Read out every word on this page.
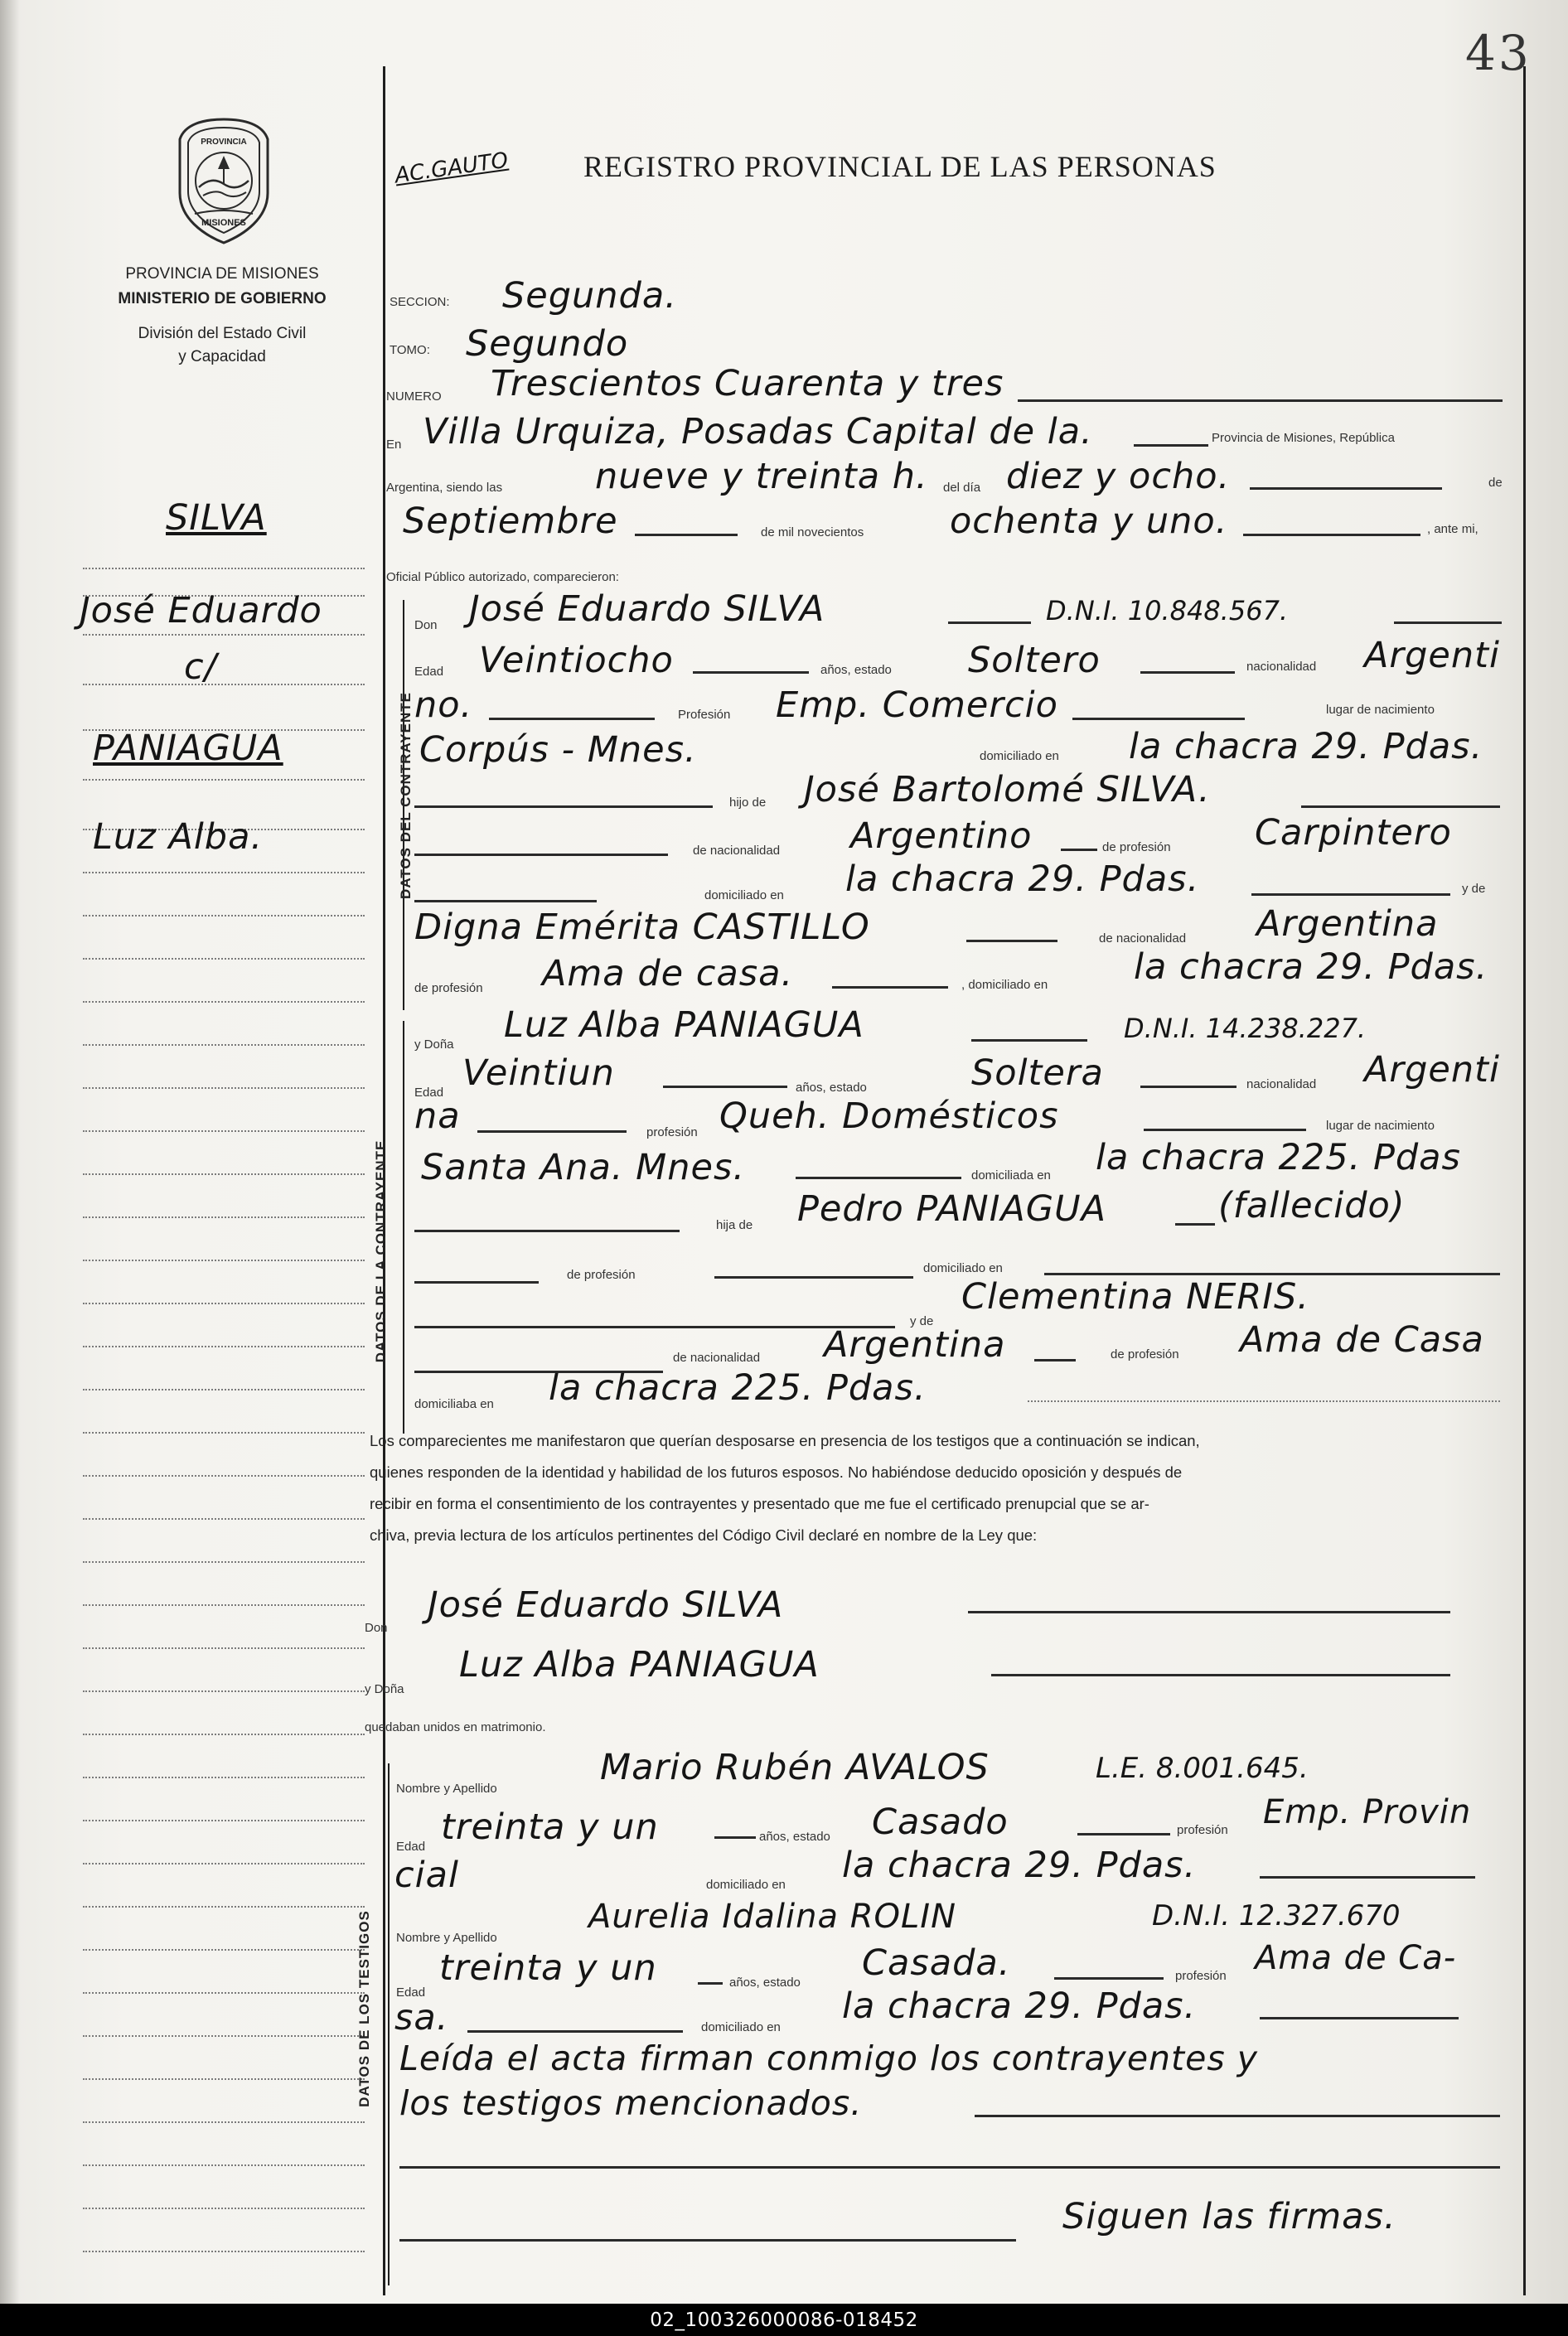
43
PROVINCIA
MISIONES
PROVINCIA DE MISIONES
MINISTERIO DE GOBIERNO
División del Estado Civil
y Capacidad
SILVA
José Eduardo
c/
PANIAGUA
Luz Alba.
AC.GAUTO REGISTRO PROVINCIAL DE LAS PERSONAS
SECCION: Segunda.
TOMO: Segundo
NUMERO Trescientos Cuarenta y tres
En Villa Urquiza, Posadas Capital de la.	Provincia de Misiones, República
Argentina, siendo las	nueve y treinta h. del día diez y ocho.	de
Septiembre	de mil novecientos ochenta y uno.	, ante mi,
Oficial Público autorizado, comparecieron:
DATOS DEL CONTRAYENTE
Don José Eduardo SILVA	D.N.I. 10.848.567.
Edad Veintiocho	años, estado Soltero	nacionalidad Argenti
no.	Profesión Emp. Comercio	lugar de nacimiento
Corpús - Mnes.	domiciliado en la chacra 29. Pdas.
hijo de José Bartolomé SILVA.
de nacionalidad Argentino	de profesión Carpintero
domiciliado en la chacra 29. Pdas.	y de
Digna Emérita CASTILLO	de nacionalidad Argentina
de profesión Ama de casa.	, domiciliado en la chacra 29. Pdas.
DATOS DE LA CONTRAYENTE
y Doña Luz Alba PANIAGUA	D.N.I. 14.238.227.
Edad Veintiun	años, estado	Soltera	nacionalidad Argenti
na	profesión Queh. Domésticos	lugar de nacimiento
Santa Ana. Mnes.	domiciliada en la chacra 225. Pdas
hija de Pedro PANIAGUA	(fallecido)
de profesión	domiciliado en
y de
Clementina NERIS.
de nacionalidad Argentina	de profesión Ama de Casa
domiciliaba en la chacra 225. Pdas.
Los comparecientes me manifestaron que querían desposarse en presencia de los testigos que a continuación se indican,
quienes responden de la identidad y habilidad de los futuros esposos. No habiéndose deducido oposición y después de
recibir en forma el consentimiento de los contrayentes y presentado que me fue el certificado prenupcial que se ar-
chiva, previa lectura de los artículos pertinentes del Código Civil declaré en nombre de la Ley que:
Don
José Eduardo SILVA
y Doña
Luz Alba PANIAGUA
quedaban unidos en matrimonio.
DATOS DE LOS TESTIGOS
Nombre y Apellido
Mario Rubén AVALOS	L.E. 8.001.645.
Edad treinta y un	años, estado Casado	profesión Emp. Provin
cial	domiciliado en la chacra 29. Pdas.
Nombre y Apellido
Aurelia Idalina ROLIN	D.N.I. 12.327.670
Edad
treinta y un	años, estado Casada.	profesión Ama de Ca-
sa.	domiciliado en
la chacra 29. Pdas.
Leída el acta firman conmigo los contrayentes y
los testigos mencionados.
Siguen las firmas.
02_100326000086-018452
